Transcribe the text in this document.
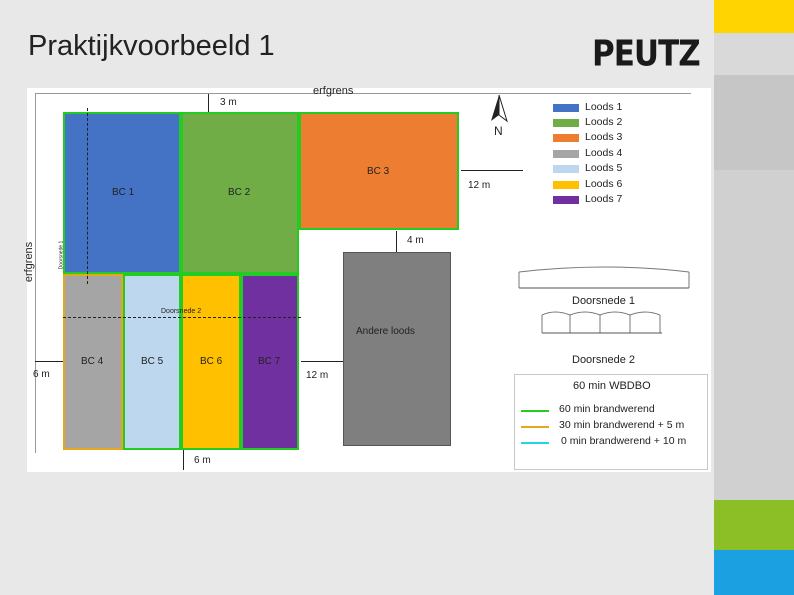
Praktijkvoorbeeld 1	PEUTZ
erfgrens
erfgrens	Doorsnede 1
Doorsnede 2
BC 1	BC 2
BC 3
BC 4	BC 5	BC 6	BC 7
Andere loods
3 m
12 m
4 m
6 m	12 m
6 m
N
Loods 1
Loods 2
Loods 3
Loods 4
Loods 5
Loods 6
Loods 7
Doorsnede 1
Doorsnede 2
60 min WBDBO
60 min brandwerend
30 min brandwerend + 5 m
0 min brandwerend + 10 m
